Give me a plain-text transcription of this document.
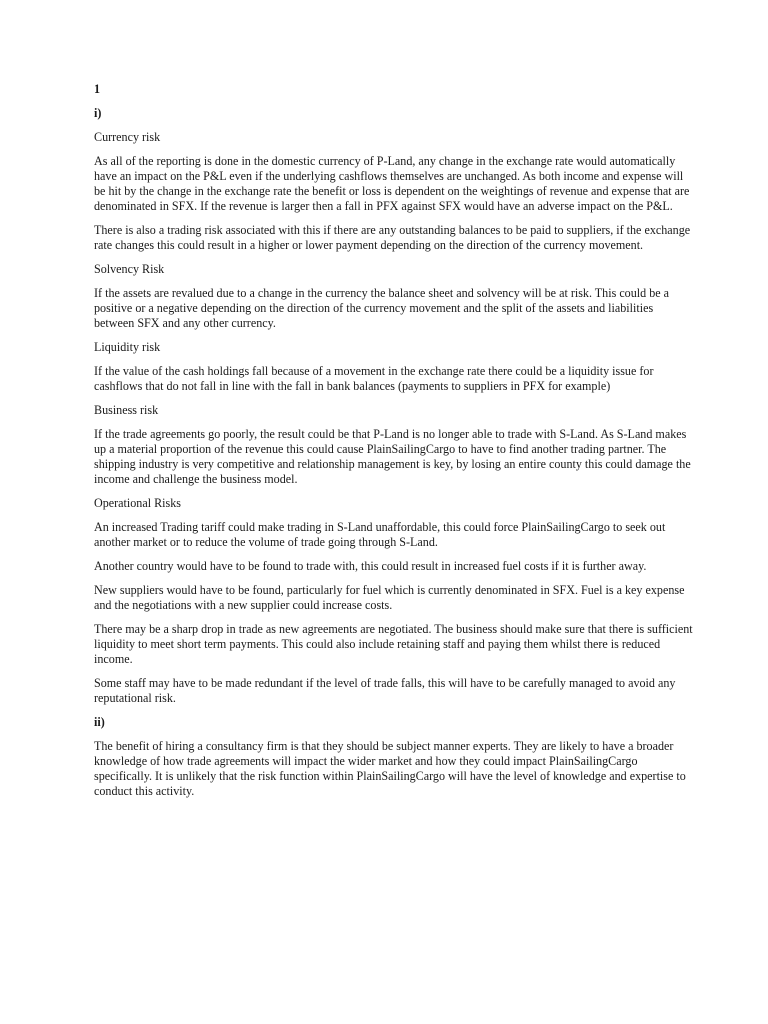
1

i)

Currency risk

As all of the reporting is done in the domestic currency of P-Land, any change in the exchange rate would automatically have an impact on the P&L even if the underlying cashflows themselves are unchanged. As both income and expense will be hit by the change in the exchange rate the benefit or loss is dependent on the weightings of revenue and expense that are denominated in SFX. If the revenue is larger then a fall in PFX against SFX would have an adverse impact on the P&L.

There is also a trading risk associated with this if there are any outstanding balances to be paid to suppliers, if the exchange rate changes this could result in a higher or lower payment depending on the direction of the currency movement.

Solvency Risk

If the assets are revalued due to a change in the currency the balance sheet and solvency will be at risk. This could be a positive or a negative depending on the direction of the currency movement and the split of the assets and liabilities between SFX and any other currency.

Liquidity risk

If the value of the cash holdings fall because of a movement in the exchange rate there could be a liquidity issue for cashflows that do not fall in line with the fall in bank balances (payments to suppliers in PFX for example)

Business risk

If the trade agreements go poorly, the result could be that P-Land is no longer able to trade with S-Land. As S-Land makes up a material proportion of the revenue this could cause PlainSailingCargo to have to find another trading partner. The shipping industry is very competitive and relationship management is key, by losing an entire county this could damage the income and challenge the business model.

Operational Risks

An increased Trading tariff could make trading in S-Land unaffordable, this could force PlainSailingCargo to seek out another market or to reduce the volume of trade going through S-Land.

Another country would have to be found to trade with, this could result in increased fuel costs if it is further away.

New suppliers would have to be found, particularly for fuel which is currently denominated in SFX. Fuel is a key expense and the negotiations with a new supplier could increase costs.

There may be a sharp drop in trade as new agreements are negotiated. The business should make sure that there is sufficient liquidity to meet short term payments. This could also include retaining staff and paying them whilst there is reduced income.

Some staff may have to be made redundant if the level of trade falls, this will have to be carefully managed to avoid any reputational risk.

ii)

The benefit of hiring a consultancy firm is that they should be subject manner experts. They are likely to have a broader knowledge of how trade agreements will impact the wider market and how they could impact PlainSailingCargo specifically. It is unlikely that the risk function within PlainSailingCargo will have the level of knowledge and expertise to conduct this activity.
